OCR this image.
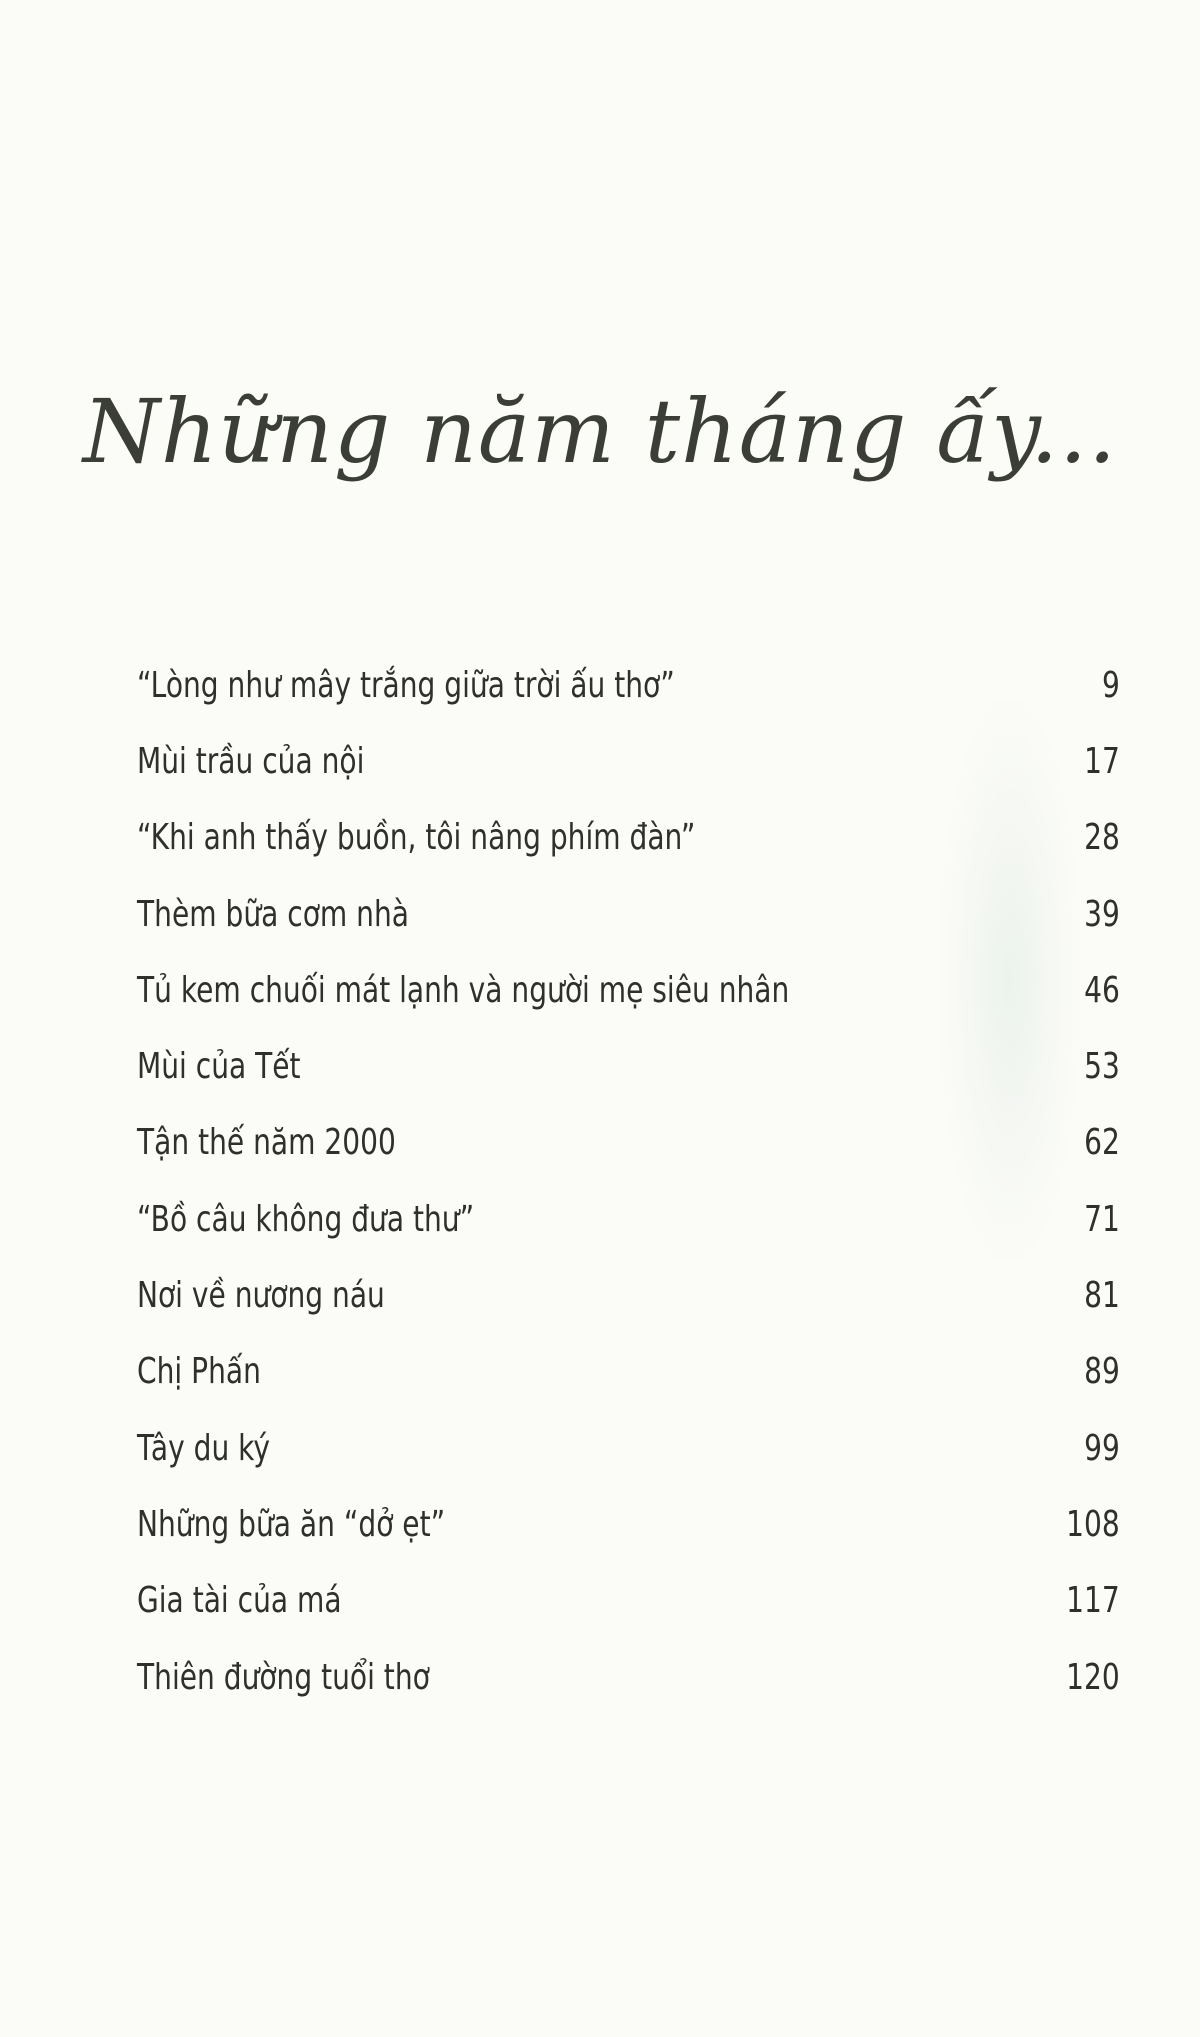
Những năm tháng ấy...
“Lòng như mây trắng giữa trời ấu thơ”	9
Mùi trầu của nội	17
“Khi anh thấy buồn, tôi nâng phím đàn”	28
Thèm bữa cơm nhà	39
Tủ kem chuối mát lạnh và người mẹ siêu nhân	46
Mùi của Tết	53
Tận thế năm 2000	62
“Bồ câu không đưa thư”	71
Nơi về nương náu	81
Chị Phấn	89
Tây du ký	99
Những bữa ăn “dở ẹt”	108
Gia tài của má	117
Thiên đường tuổi thơ	120
